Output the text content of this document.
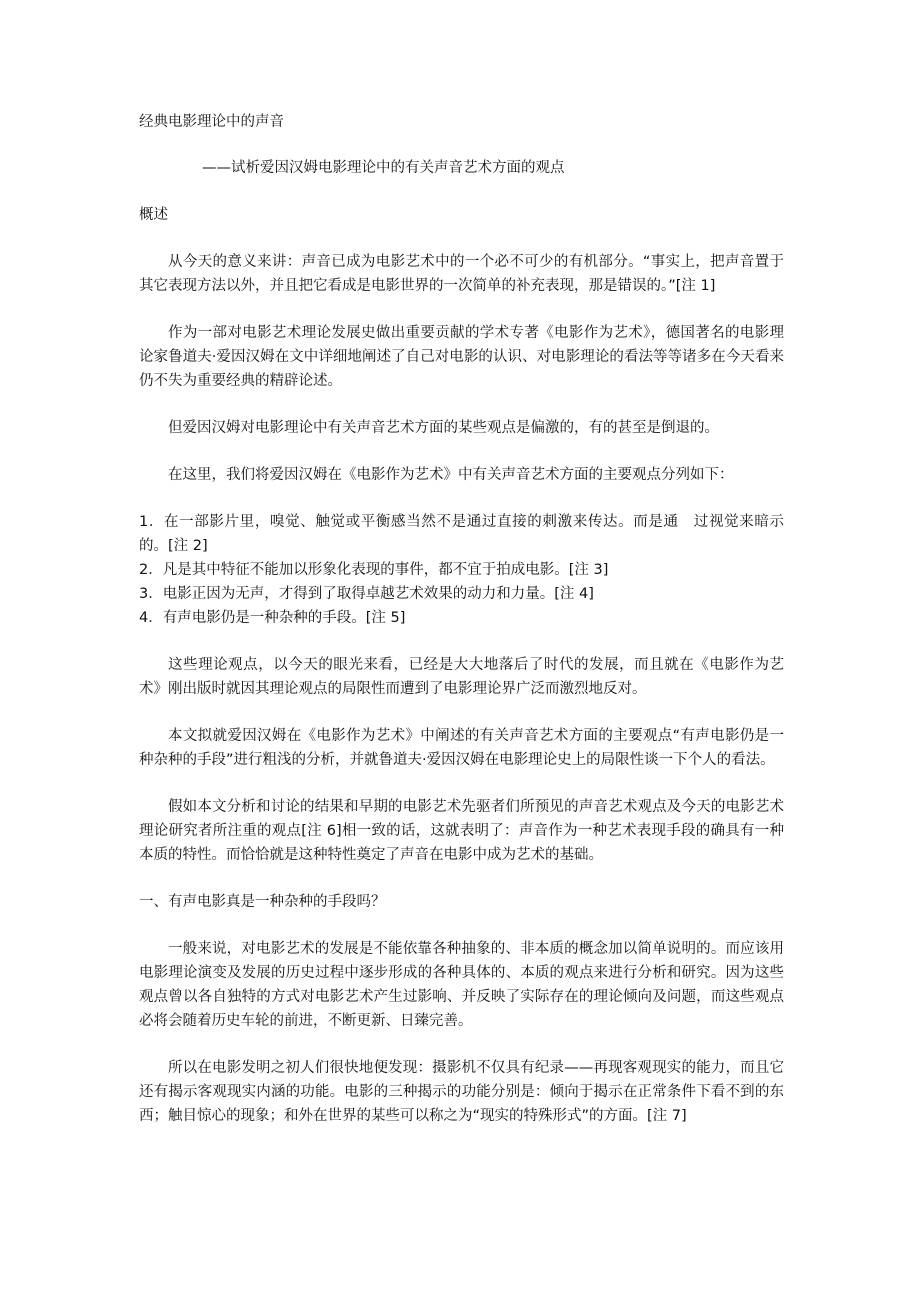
经典电影理论中的声音
——试析爱因汉姆电影理论中的有关声音艺术方面的观点
概述

从今天的意义来讲：声音已成为电影艺术中的一个必不可少的有机部分。“事实上，把声音置于其它表现方法以外，并且把它看成是电影世界的一次简单的补充表现，那是错误的。”[注 1]

作为一部对电影艺术理论发展史做出重要贡献的学术专著《电影作为艺术》，德国著名的电影理论家鲁道夫·爱因汉姆在文中详细地阐述了自己对电影的认识、对电影理论的看法等等诸多在今天看来仍不失为重要经典的精辟论述。

但爱因汉姆对电影理论中有关声音艺术方面的某些观点是偏激的，有的甚至是倒退的。

在这里，我们将爱因汉姆在《电影作为艺术》中有关声音艺术方面的主要观点分列如下：

1．在一部影片里，嗅觉、触觉或平衡感当然不是通过直接的刺激来传达。而是通　过视觉来暗示的。[注 2]
2．凡是其中特征不能加以形象化表现的事件，都不宜于拍成电影。[注 3]
3．电影正因为无声，才得到了取得卓越艺术效果的动力和力量。[注 4]
4．有声电影仍是一种杂种的手段。[注 5]

这些理论观点，以今天的眼光来看，已经是大大地落后了时代的发展，而且就在《电影作为艺术》刚出版时就因其理论观点的局限性而遭到了电影理论界广泛而激烈地反对。

本文拟就爱因汉姆在《电影作为艺术》中阐述的有关声音艺术方面的主要观点“有声电影仍是一种杂种的手段”进行粗浅的分析，并就鲁道夫·爱因汉姆在电影理论史上的局限性谈一下个人的看法。

假如本文分析和讨论的结果和早期的电影艺术先驱者们所预见的声音艺术观点及今天的电影艺术理论研究者所注重的观点[注 6]相一致的话，这就表明了：声音作为一种艺术表现手段的确具有一种本质的特性。而恰恰就是这种特性奠定了声音在电影中成为艺术的基础。

一、有声电影真是一种杂种的手段吗？

一般来说，对电影艺术的发展是不能依靠各种抽象的、非本质的概念加以简单说明的。而应该用电影理论演变及发展的历史过程中逐步形成的各种具体的、本质的观点来进行分析和研究。因为这些观点曾以各自独特的方式对电影艺术产生过影响、并反映了实际存在的理论倾向及问题，而这些观点必将会随着历史车轮的前进，不断更新、日臻完善。

所以在电影发明之初人们很快地便发现：摄影机不仅具有纪录——再现客观现实的能力，而且它还有揭示客观现实内涵的功能。电影的三种揭示的功能分别是：倾向于揭示在正常条件下看不到的东西；触目惊心的现象；和外在世界的某些可以称之为“现实的特殊形式”的方面。[注 7]
